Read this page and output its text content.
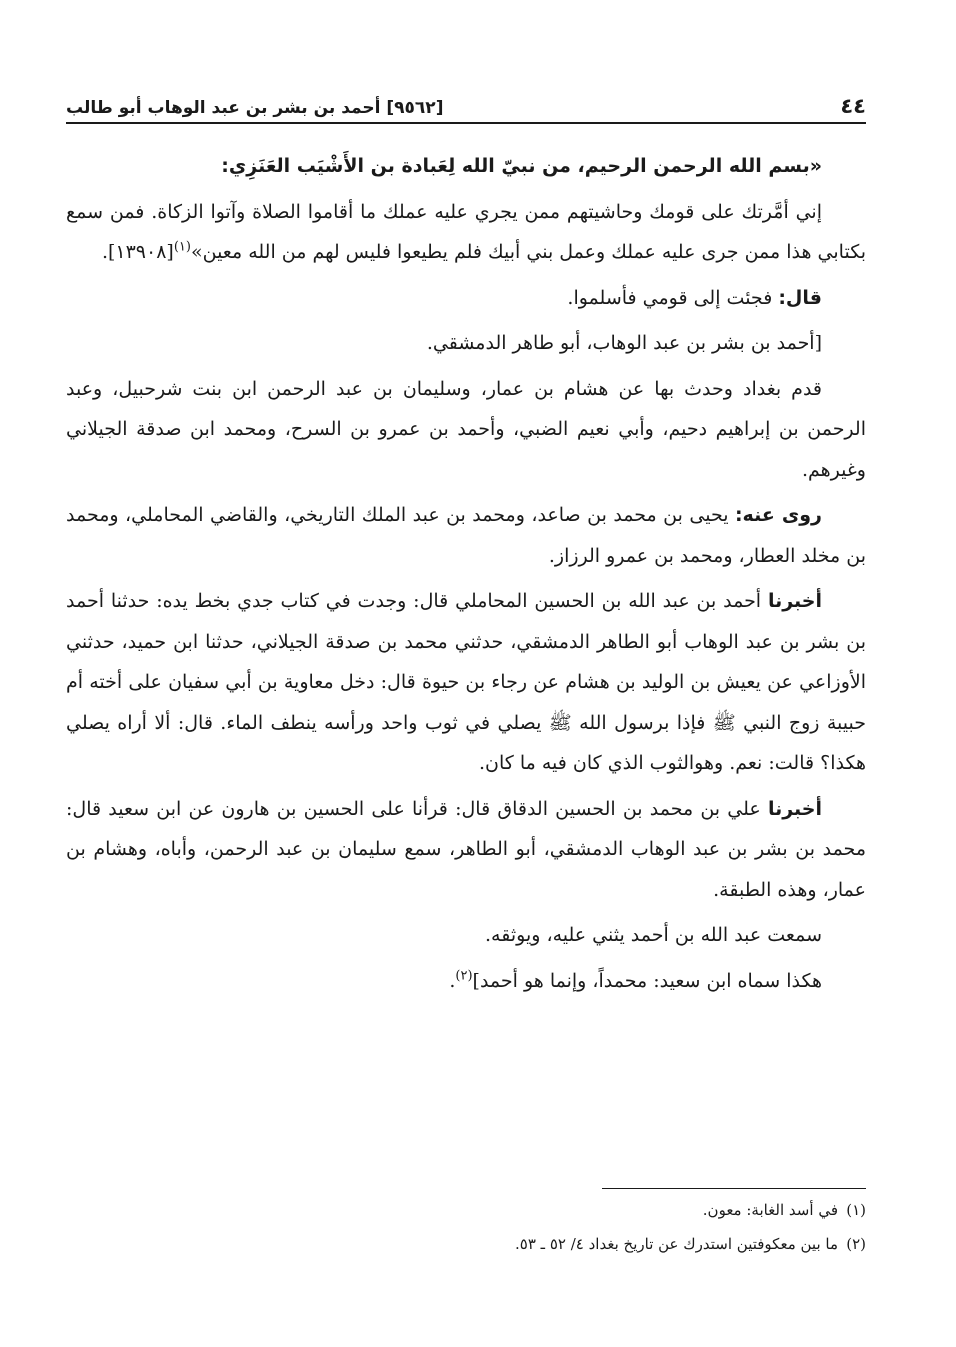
٤٤
[٩٥٦٢] أحمد بن بشر بن عبد الوهاب أبو طالب

«بسم الله الرحمن الرحيم، من نبيّ الله لِعَبادة بن الأَشْيَب العَنَزِي:

إني أمَّرتك على قومك وحاشيتهم ممن يجري عليه عملك ما أقاموا الصلاة وآتوا الزكاة. فمن سمع بكتابي هذا ممن جرى عليه عملك وعمل بني أبيك فلم يطيعوا فليس لهم من الله معين»$^{(١)}$[١٣٩٠٨].

قال: فجئت إلى قومي فأسلموا.

[أحمد بن بشر بن عبد الوهاب، أبو طاهر الدمشقي.

قدم بغداد وحدث بها عن هشام بن عمار، وسليمان بن عبد الرحمن ابن بنت شرحبيل، وعبد الرحمن بن إبراهيم دحيم، وأبي نعيم الضبي، وأحمد بن عمرو بن السرح، ومحمد ابن صدقة الجيلاني وغيرهم.

روى عنه: يحيى بن محمد بن صاعد، ومحمد بن عبد الملك التاريخي، والقاضي المحاملي، ومحمد بن مخلد العطار، ومحمد بن عمرو الرزاز.

أخبرنا أحمد بن عبد الله بن الحسين المحاملي قال: وجدت في كتاب جدي بخط يده: حدثنا أحمد بن بشر بن عبد الوهاب أبو الطاهر الدمشقي، حدثني محمد بن صدقة الجيلاني، حدثنا ابن حميد، حدثني الأوزاعي عن يعيش بن الوليد بن هشام عن رجاء بن حيوة قال: دخل معاوية بن أبي سفيان على أخته أم حبيبة زوج النبي ﷺ فإذا برسول الله ﷺ يصلي في ثوب واحد ورأسه ينطف الماء. قال: ألا أراه يصلي هكذا؟ قالت: نعم. وهوالثوب الذي كان فيه ما كان.

أخبرنا علي بن محمد بن الحسين الدقاق قال: قرأنا على الحسين بن هارون عن ابن سعيد قال: محمد بن بشر بن عبد الوهاب الدمشقي، أبو الطاهر، سمع سليمان بن عبد الرحمن، وأباه، وهشام بن عمار، وهذه الطبقة.

سمعت عبد الله بن أحمد يثني عليه، ويوثقه.

هكذا سماه ابن سعيد: محمداً، وإنما هو أحمد]$^{(٢)}$.

(١)في أسد الغابة: معون.

(٢)ما بين معكوفتين استدرك عن تاريخ بغداد ٤/ ٥٢ ـ ٥٣.
